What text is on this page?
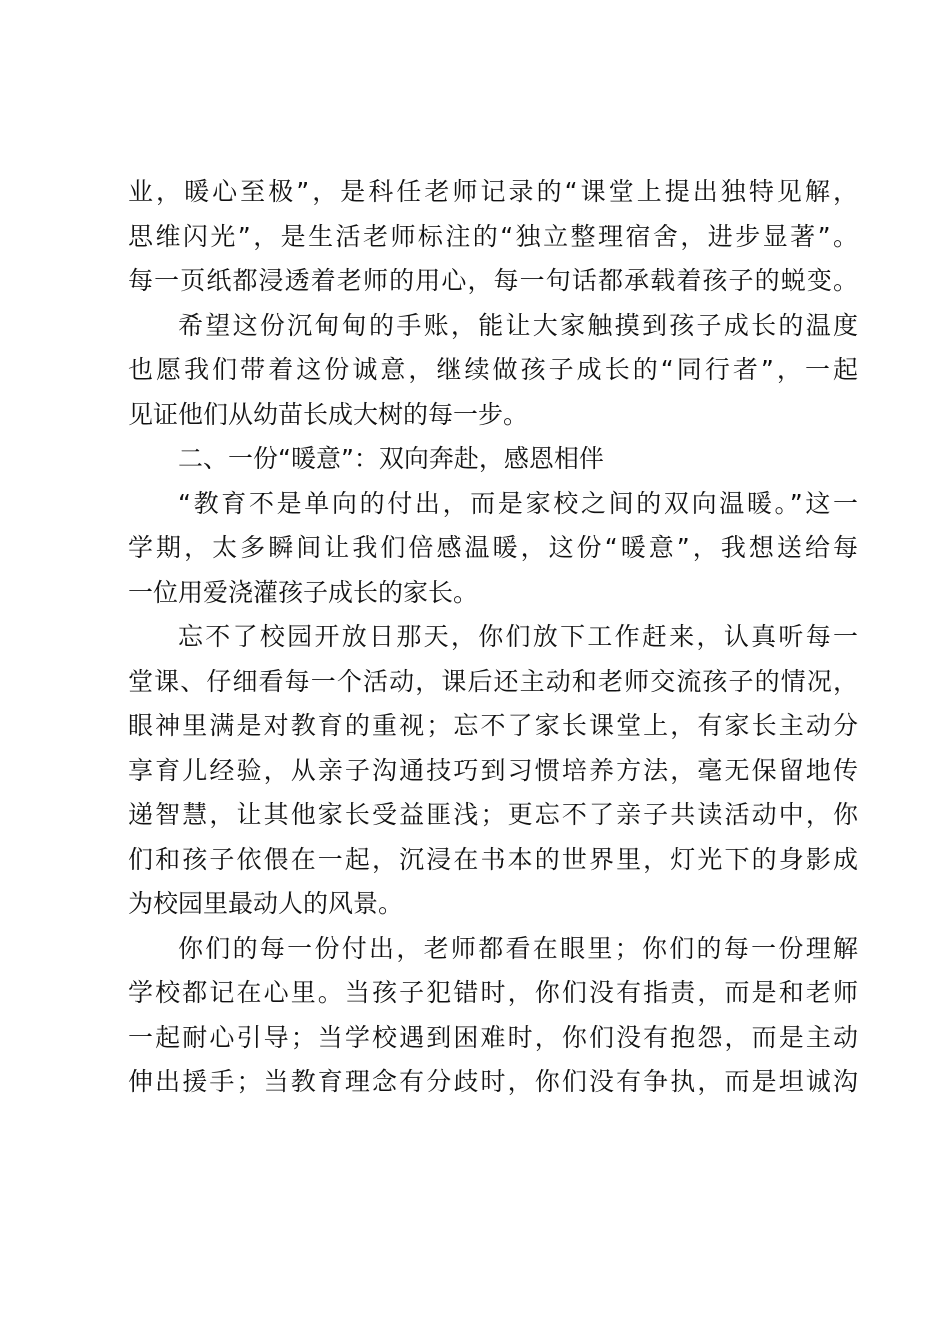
业，暖心至极”，是科任老师记录的“课堂上提出独特见解，
思维闪光”，是生活老师标注的“独立整理宿舍，进步显著”。
每一页纸都浸透着老师的用心，每一句话都承载着孩子的蜕变。
希望这份沉甸甸的手账，能让大家触摸到孩子成长的温度
也愿我们带着这份诚意，继续做孩子成长的“同行者”，一起
见证他们从幼苗长成大树的每一步。
二、一份“暖意”：双向奔赴，感恩相伴
“教育不是单向的付出，而是家校之间的双向温暖。”这一
学期，太多瞬间让我们倍感温暖，这份“暖意”，我想送给每
一位用爱浇灌孩子成长的家长。
忘不了校园开放日那天，你们放下工作赶来，认真听每一
堂课、仔细看每一个活动，课后还主动和老师交流孩子的情况，
眼神里满是对教育的重视；忘不了家长课堂上，有家长主动分
享育儿经验，从亲子沟通技巧到习惯培养方法，毫无保留地传
递智慧，让其他家长受益匪浅；更忘不了亲子共读活动中，你
们和孩子依偎在一起，沉浸在书本的世界里，灯光下的身影成
为校园里最动人的风景。
你们的每一份付出，老师都看在眼里；你们的每一份理解
学校都记在心里。当孩子犯错时，你们没有指责，而是和老师
一起耐心引导；当学校遇到困难时，你们没有抱怨，而是主动
伸出援手；当教育理念有分歧时，你们没有争执，而是坦诚沟
